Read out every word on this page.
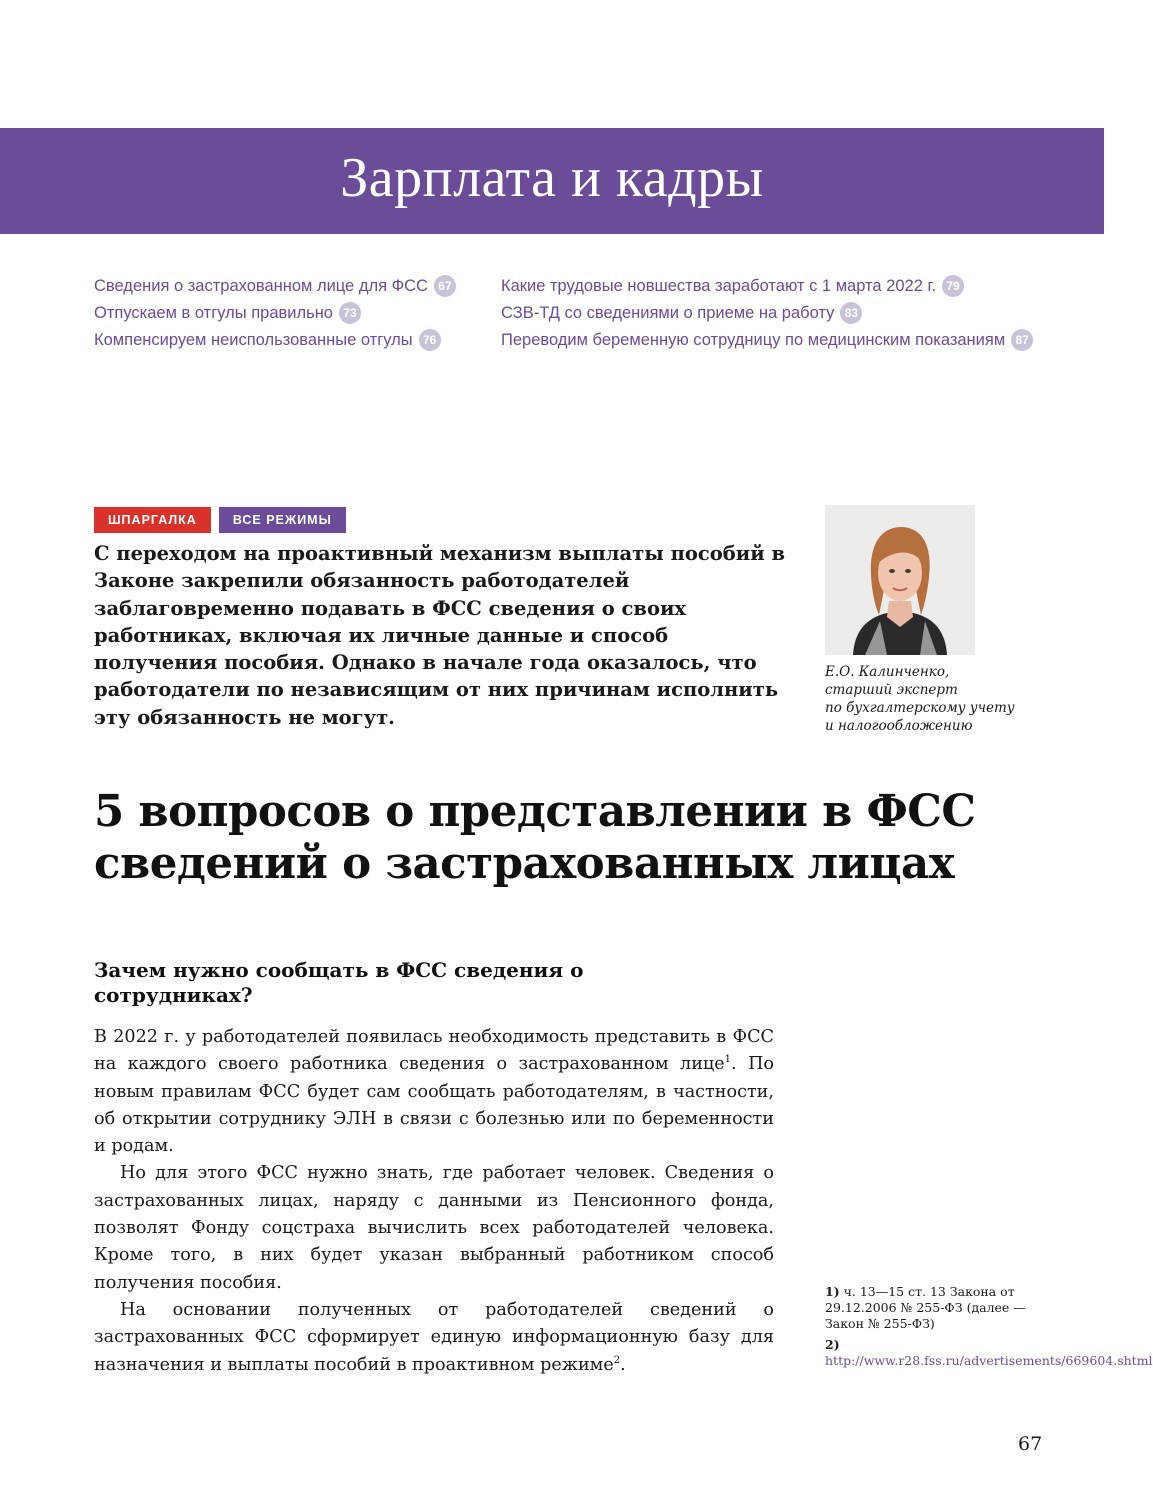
Зарплата и кадры
Сведения о застрахованном лице для ФСС 67
Отпускаем в отгулы правильно 73
Компенсируем неиспользованные отгулы 76
Какие трудовые новшества заработают с 1 марта 2022 г. 79
СЗВ-ТД со сведениями о приеме на работу 83
Переводим беременную сотрудницу по медицинским показаниям 87
ШПАРГАЛКА	ВСЕ РЕЖИМЫ

С переходом на проактивный механизм выплаты пособий в Законе закрепили обязанность работодателей заблаговременно подавать в ФСС сведения о своих работниках, включая их личные данные и способ получения пособия. Однако в начале года оказалось, что работодатели по независящим от них причинам исполнить эту обязанность не могут.

Е.О. Калинченко,
старший эксперт
по бухгалтерскому учету
и налогообложению
5 вопросов о представлении в ФСС сведений о застрахованных лицах
Зачем нужно сообщать в ФСС сведения о сотрудниках?

В 2022 г. у работодателей появилась необходимость представить в ФСС на каждого своего работника сведения о застрахованном лице$^1$. По новым правилам ФСС будет сам сообщать работодателям, в частности, об открытии сотруднику ЭЛН в связи с болезнью или по беременности и родам.

Но для этого ФСС нужно знать, где работает человек. Сведения о застрахованных лицах, наряду с данными из Пенсионного фонда, позволят Фонду соцстраха вычислить всех работодателей человека. Кроме того, в них будет указан выбранный работником способ получения пособия.

На основании полученных от работодателей сведений о застрахованных ФСС сформирует единую информационную базу для назначения и выплаты пособий в проактивном режиме$^2$.

1) ч. 13—15 ст. 13 Закона от 29.12.2006 № 255-ФЗ (далее — Закон № 255-ФЗ)
2) http://www.r28.fss.ru/advertisements/669604.shtml
67
